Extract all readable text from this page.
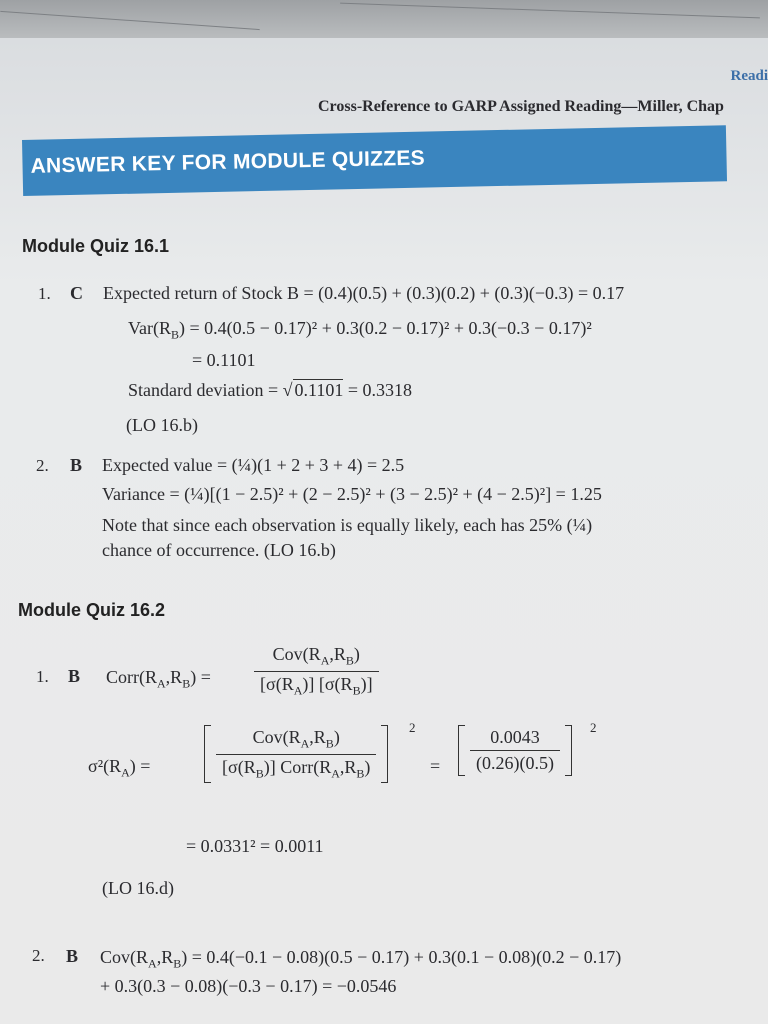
Readi
Cross-Reference to GARP Assigned Reading—Miller, Chap
ANSWER KEY FOR MODULE QUIZZES
Module Quiz 16.1
1. C Expected return of Stock B = (0.4)(0.5) + (0.3)(0.2) + (0.3)(−0.3) = 0.17
$Var(R_B) = 0.4(0.5 - 0.17)^2 + 0.3(0.2 - 0.17)^2 + 0.3(-0.3 - 0.17)^2$
= 0.1101
Standard deviation = √ 0.1101 = 0.3318
(LO 16.b)
2. B Expected value = (¼)(1 + 2 + 3 + 4) = 2.5
Variance = (¼)[(1 − 2.5)² + (2 − 2.5)² + (3 − 2.5)² + (4 − 2.5)²] = 1.25
Note that since each observation is equally likely, each has 25% (¼)
chance of occurrence. (LO 16.b)
Module Quiz 16.2
1. B $Corr(R_A,R_B) = \frac{Cov(R_A,R_B)}{[\sigma(R_A)] [\sigma(R_B)]}$
$\sigma^2(R_A)$ =	$\frac{Cov(R_A,R_B)}{[\sigma(R_B)] Corr(R_A,R_B)}$	2
= $\frac{0.0043}{(0.26)(0.5)} 2$
= 0.0331² = 0.0011
(LO 16.d)
2. B $Cov(R_A,R_B) = 0.4(-0.1 - 0.08)(0.5 - 0.17) + 0.3(0.1 - 0.08)(0.2 - 0.17)$
+ 0.3(0.3 − 0.08)(−0.3 − 0.17) = −0.0546
